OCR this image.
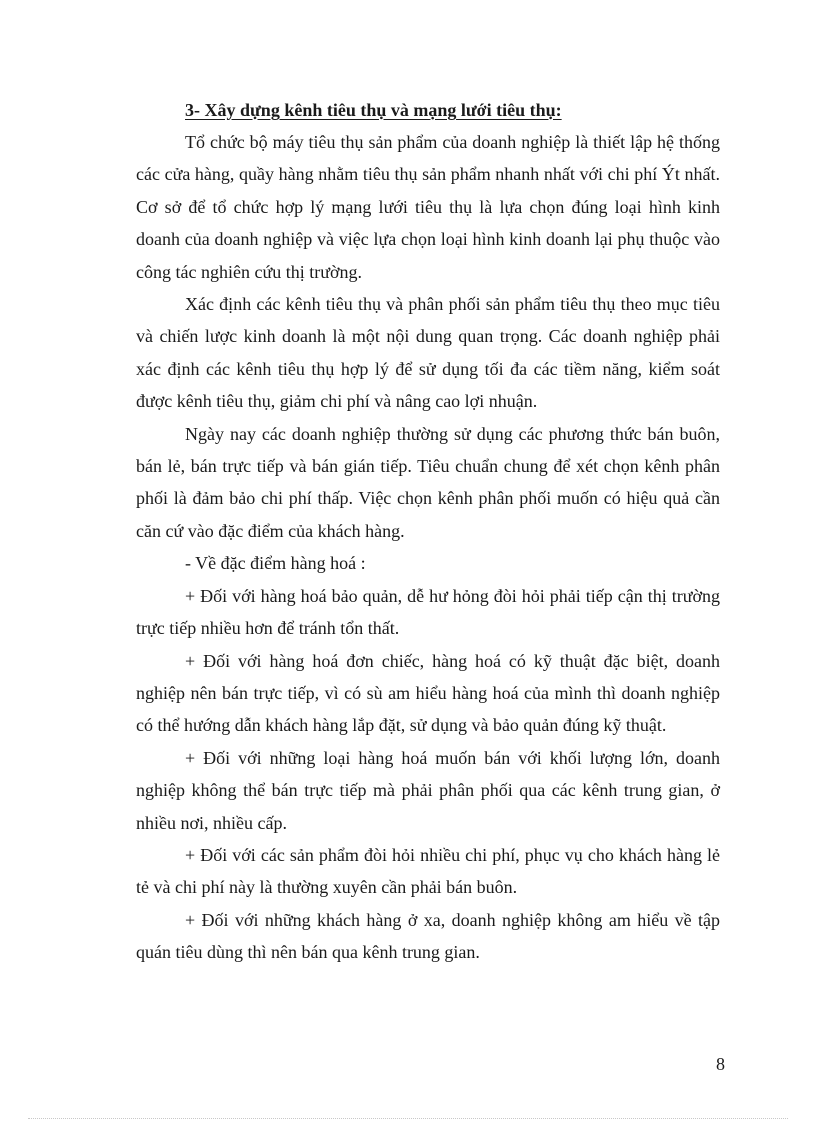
3- Xây dựng kênh tiêu thụ và mạng lưới tiêu thụ:

Tổ chức bộ máy tiêu thụ sản phẩm của doanh nghiệp là thiết lập hệ thống các cửa hàng, quầy hàng nhằm tiêu thụ sản phẩm nhanh nhất với chi phí Ýt nhất. Cơ sở để tổ chức hợp lý mạng lưới tiêu thụ là lựa chọn đúng loại hình kinh doanh của doanh nghiệp và việc lựa chọn loại hình kinh doanh lại phụ thuộc vào công tác nghiên cứu thị trường.

Xác định các kênh tiêu thụ và phân phối sản phẩm tiêu thụ theo mục tiêu và chiến lược kinh doanh là một nội dung quan trọng. Các doanh nghiệp phải xác định các kênh tiêu thụ hợp lý để sử dụng tối đa các tiềm năng, kiểm soát được kênh tiêu thụ, giảm chi phí và nâng cao lợi nhuận.

Ngày nay các doanh nghiệp thường sử dụng các phương thức bán buôn, bán lẻ, bán trực tiếp và bán gián tiếp. Tiêu chuẩn chung để xét chọn kênh phân phối là đảm bảo chi phí thấp. Việc chọn kênh phân phối muốn có hiệu quả cần căn cứ vào đặc điểm của khách hàng.

- Về đặc điểm hàng hoá :

+ Đối với hàng hoá bảo quản, dễ hư hỏng đòi hỏi phải tiếp cận thị trường trực tiếp nhiều hơn để tránh tổn thất.

+ Đối với hàng hoá đơn chiếc, hàng hoá có kỹ thuật đặc biệt, doanh nghiệp nên bán trực tiếp, vì có sù am hiểu hàng hoá của mình thì doanh nghiệp có thể hướng dẫn khách hàng lắp đặt, sử dụng và bảo quản đúng kỹ thuật.

+ Đối với những loại hàng hoá muốn bán với khối lượng lớn, doanh nghiệp không thể bán trực tiếp mà phải phân phối qua các kênh trung gian, ở nhiều nơi, nhiều cấp.

+ Đối với các sản phẩm đòi hỏi nhiều chi phí, phục vụ cho khách hàng lẻ tẻ và chi phí này là thường xuyên cần phải bán buôn.

+ Đối với những khách hàng ở xa, doanh nghiệp không am hiểu về tập quán tiêu dùng thì nên bán qua kênh trung gian.

8
